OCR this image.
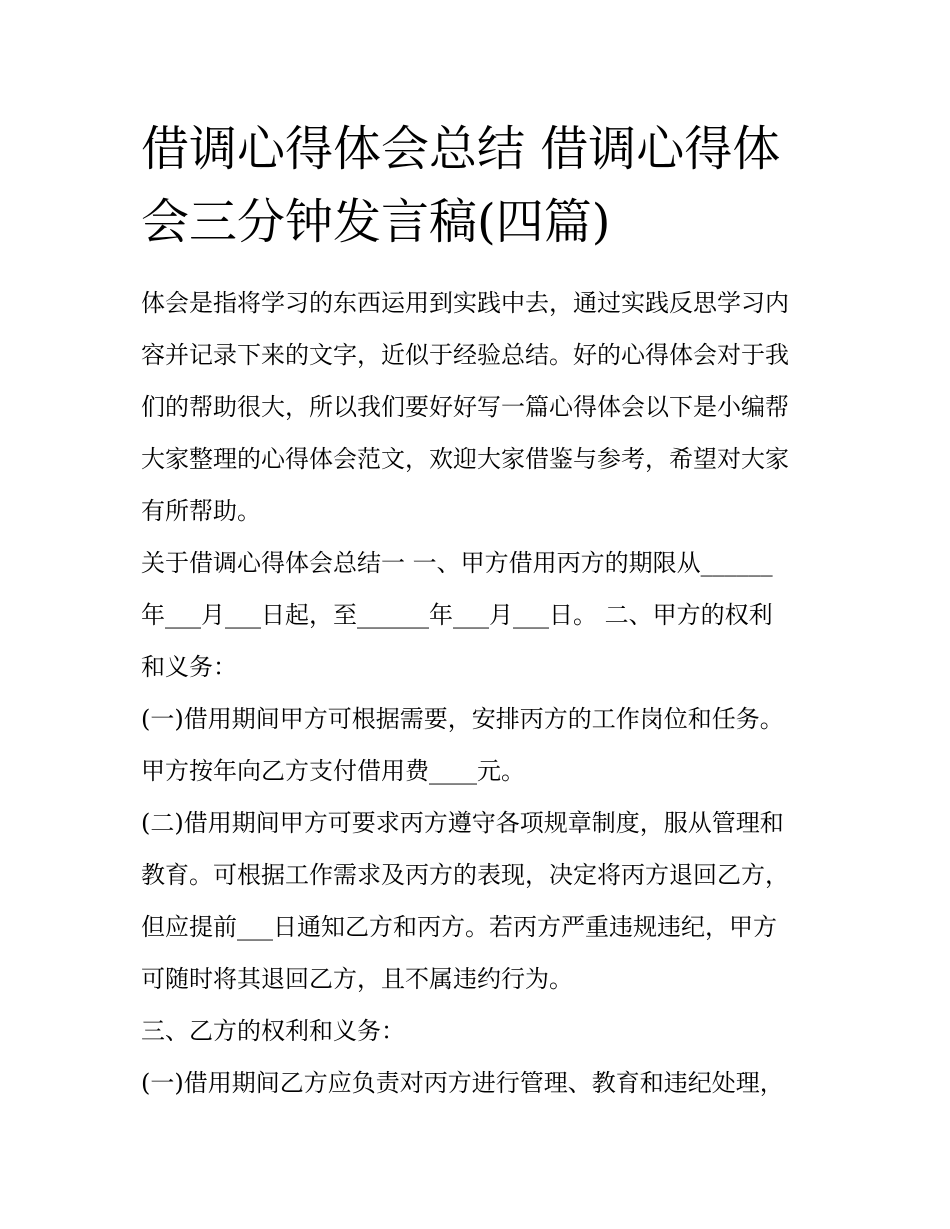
借调心得体会总结 借调心得体
会三分钟发言稿(四篇)
体会是指将学习的东西运用到实践中去，通过实践反思学习内
容并记录下来的文字，近似于经验总结。好的心得体会对于我
们的帮助很大，所以我们要好好写一篇心得体会以下是小编帮
大家整理的心得体会范文，欢迎大家借鉴与参考，希望对大家
有所帮助。
关于借调心得体会总结一 一、甲方借用丙方的期限从______
年___月___日起，至______年___月___日。 二、甲方的权利
和义务：
(一)借用期间甲方可根据需要，安排丙方的工作岗位和任务。
甲方按年向乙方支付借用费____元。
(二)借用期间甲方可要求丙方遵守各项规章制度，服从管理和
教育。可根据工作需求及丙方的表现，决定将丙方退回乙方，
但应提前___日通知乙方和丙方。若丙方严重违规违纪，甲方
可随时将其退回乙方，且不属违约行为。
三、乙方的权利和义务：
(一)借用期间乙方应负责对丙方进行管理、教育和违纪处理，
